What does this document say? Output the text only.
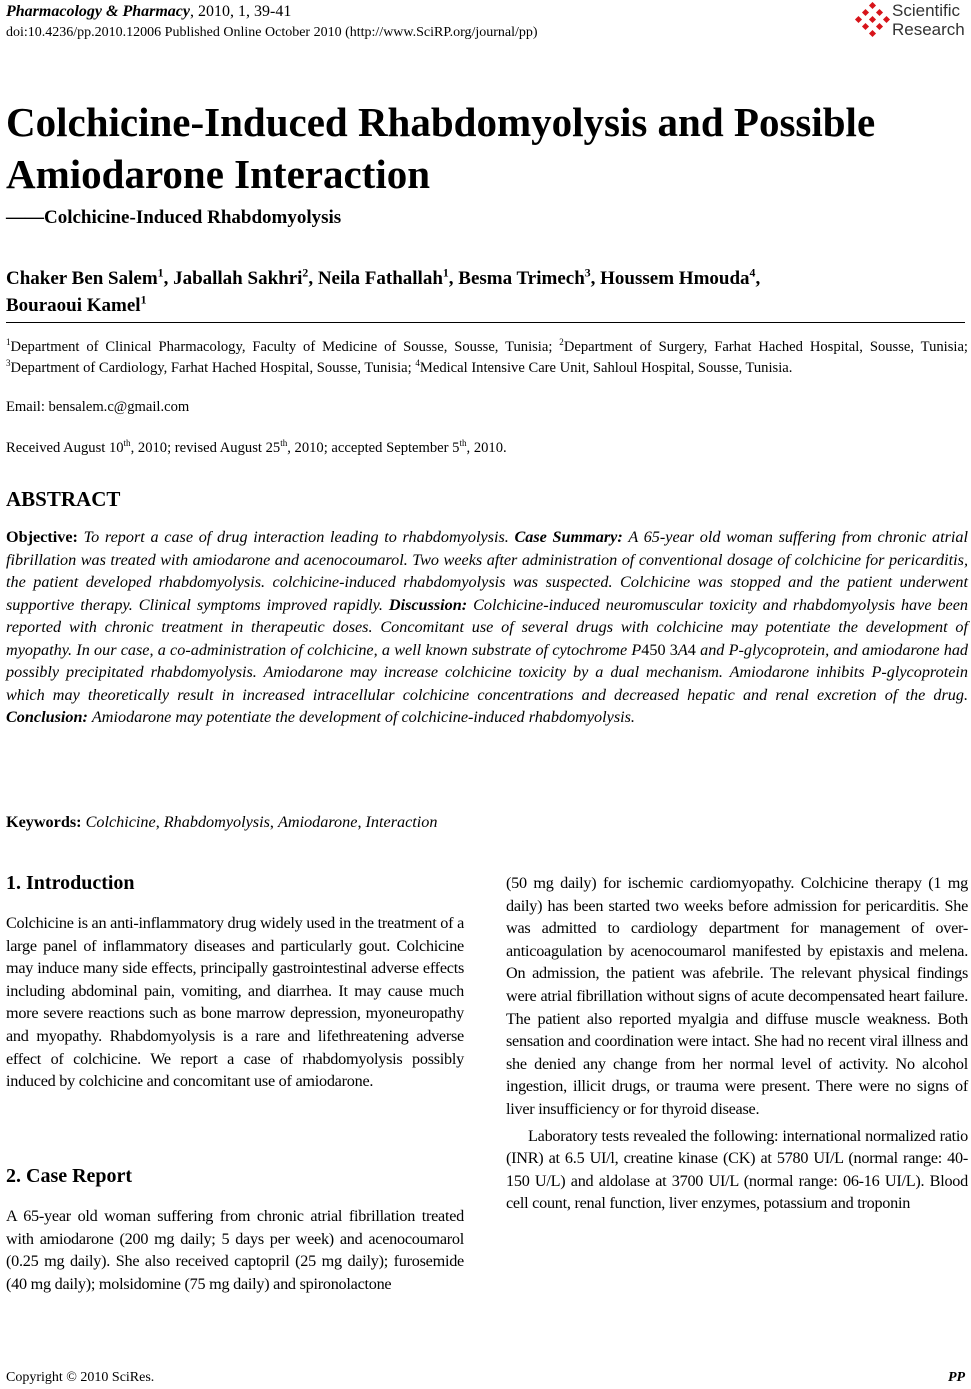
Pharmacology & Pharmacy, 2010, 1, 39-41
doi:10.4236/pp.2010.12006 Published Online October 2010 (http://www.SciRP.org/journal/pp)
Scientific
Research
Colchicine-Induced Rhabdomyolysis and Possible Amiodarone Interaction
——Colchicine-Induced Rhabdomyolysis
Chaker Ben Salem$^1$, Jaballah Sakhri$^2$, Neila Fathallah$^1$, Besma Trimech$^3$, Houssem Hmouda$^4$,
Bouraoui Kamel$^1$
$^1$Department of Clinical Pharmacology, Faculty of Medicine of Sousse, Sousse, Tunisia; $^2$Department of Surgery, Farhat Hached Hospital, Sousse, Tunisia; $^3$Department of Cardiology, Farhat Hached Hospital, Sousse, Tunisia; $^4$Medical Intensive Care Unit, Sahloul Hospital, Sousse, Tunisia.
Email: bensalem.c@gmail.com
Received August 10th, 2010; revised August 25th, 2010; accepted September 5th, 2010.
ABSTRACT
Objective: To report a case of drug interaction leading to rhabdomyolysis. Case Summary: A 65-year old woman suffering from chronic atrial fibrillation was treated with amiodarone and acenocoumarol. Two weeks after administration of conventional dosage of colchicine for pericarditis, the patient developed rhabdomyolysis. colchicine-induced rhabdomyolysis was suspected. Colchicine was stopped and the patient underwent supportive therapy. Clinical symptoms improved rapidly. Discussion: Colchicine-induced neuromuscular toxicity and rhabdomyolysis have been reported with chronic treatment in therapeutic doses. Concomitant use of several drugs with colchicine may potentiate the development of myopathy. In our case, a co-administration of colchicine, a well known substrate of cytochrome P450 3A4 and P-glycoprotein, and amiodarone had possibly precipitated rhabdomyolysis. Amiodarone may increase colchicine toxicity by a dual mechanism. Amiodarone inhibits P-glycoprotein which may theoretically result in increased intracellular colchicine concentrations and decreased hepatic and renal excretion of the drug. Conclusion: Amiodarone may potentiate the development of colchicine-induced rhabdomyolysis.
Keywords: Colchicine, Rhabdomyolysis, Amiodarone, Interaction
1. Introduction
Colchicine is an anti-inflammatory drug widely used in the treatment of a large panel of inflammatory diseases and particularly gout. Colchicine may induce many side effects, principally gastrointestinal adverse effects including abdominal pain, vomiting, and diarrhea. It may cause much more severe reactions such as bone marrow depression, myoneuropathy and myopathy. Rhabdomyolysis is a rare and lifethreatening adverse effect of colchicine. We report a case of rhabdomyolysis possibly induced by colchicine and concomitant use of amiodarone.
2. Case Report
A 65-year old woman suffering from chronic atrial fibrillation treated with amiodarone (200 mg daily; 5 days per week) and acenocoumarol (0.25 mg daily). She also received captopril (25 mg daily); furosemide (40 mg daily); molsidomine (75 mg daily) and spironolactone

(50 mg daily) for ischemic cardiomyopathy. Colchicine therapy (1 mg daily) has been started two weeks before admission for pericarditis. She was admitted to cardiology department for management of over-anticoagulation by acenocoumarol manifested by epistaxis and melena. On admission, the patient was afebrile. The relevant physical findings were atrial fibrillation without signs of acute decompensated heart failure. The patient also reported myalgia and diffuse muscle weakness. Both sensation and coordination were intact. She had no recent viral illness and she denied any change from her normal level of activity. No alcohol ingestion, illicit drugs, or trauma were present. There were no signs of liver insufficiency or for thyroid disease.

Laboratory tests revealed the following: international normalized ratio (INR) at 6.5 UI/l, creatine kinase (CK) at 5780 UI/L (normal range: 40-150 U/L) and aldolase at 3700 UI/L (normal range: 06-16 UI/L). Blood cell count, renal function, liver enzymes, potassium and troponin

Copyright © 2010 SciRes.	PP
